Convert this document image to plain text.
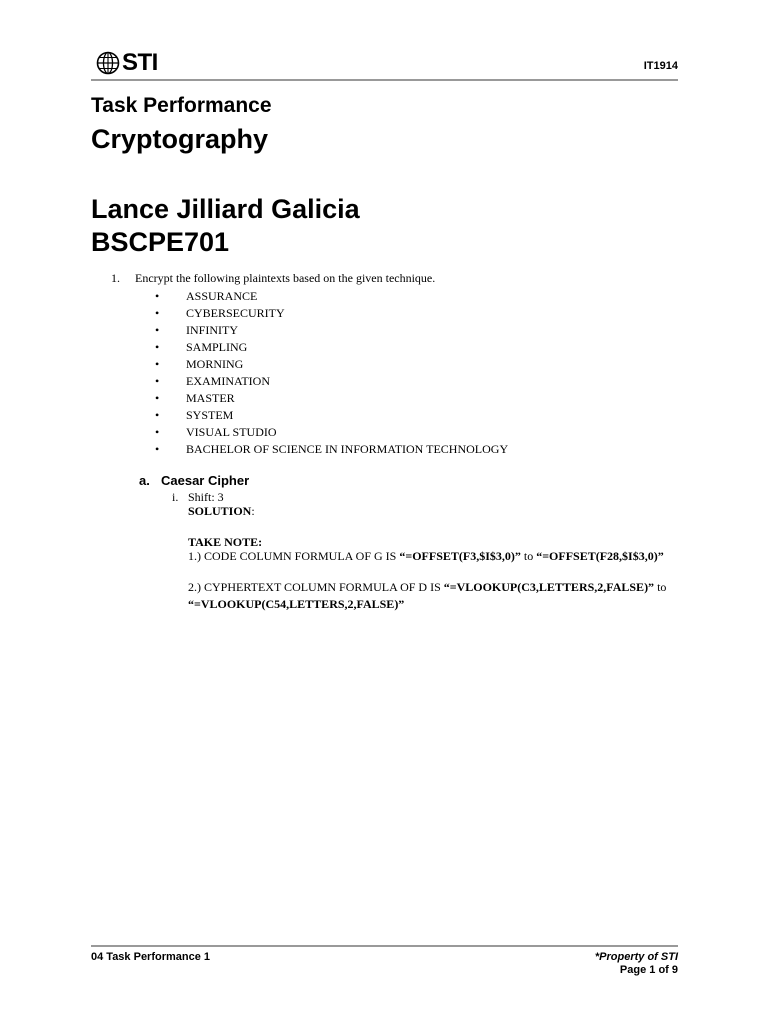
STI	IT1914
Task Performance
Cryptography
Lance Jilliard Galicia
BSCPE701
1. Encrypt the following plaintexts based on the given technique.
• ASSURANCE
• CYBERSECURITY
• INFINITY
• SAMPLING
• MORNING
• EXAMINATION
• MASTER
• SYSTEM
• VISUAL STUDIO
• BACHELOR OF SCIENCE IN INFORMATION TECHNOLOGY
a. Caesar Cipher
i. Shift: 3
SOLUTION:
TAKE NOTE:
1.) CODE COLUMN FORMULA OF G IS “=OFFSET(F3,$I$3,0)” to “=OFFSET(F28,$I$3,0)”
2.) CYPHERTEXT COLUMN FORMULA OF D IS “=VLOOKUP(C3,LETTERS,2,FALSE)” to
“=VLOOKUP(C54,LETTERS,2,FALSE)”
04 Task Performance 1	*Property of STI
Page 1 of 9
